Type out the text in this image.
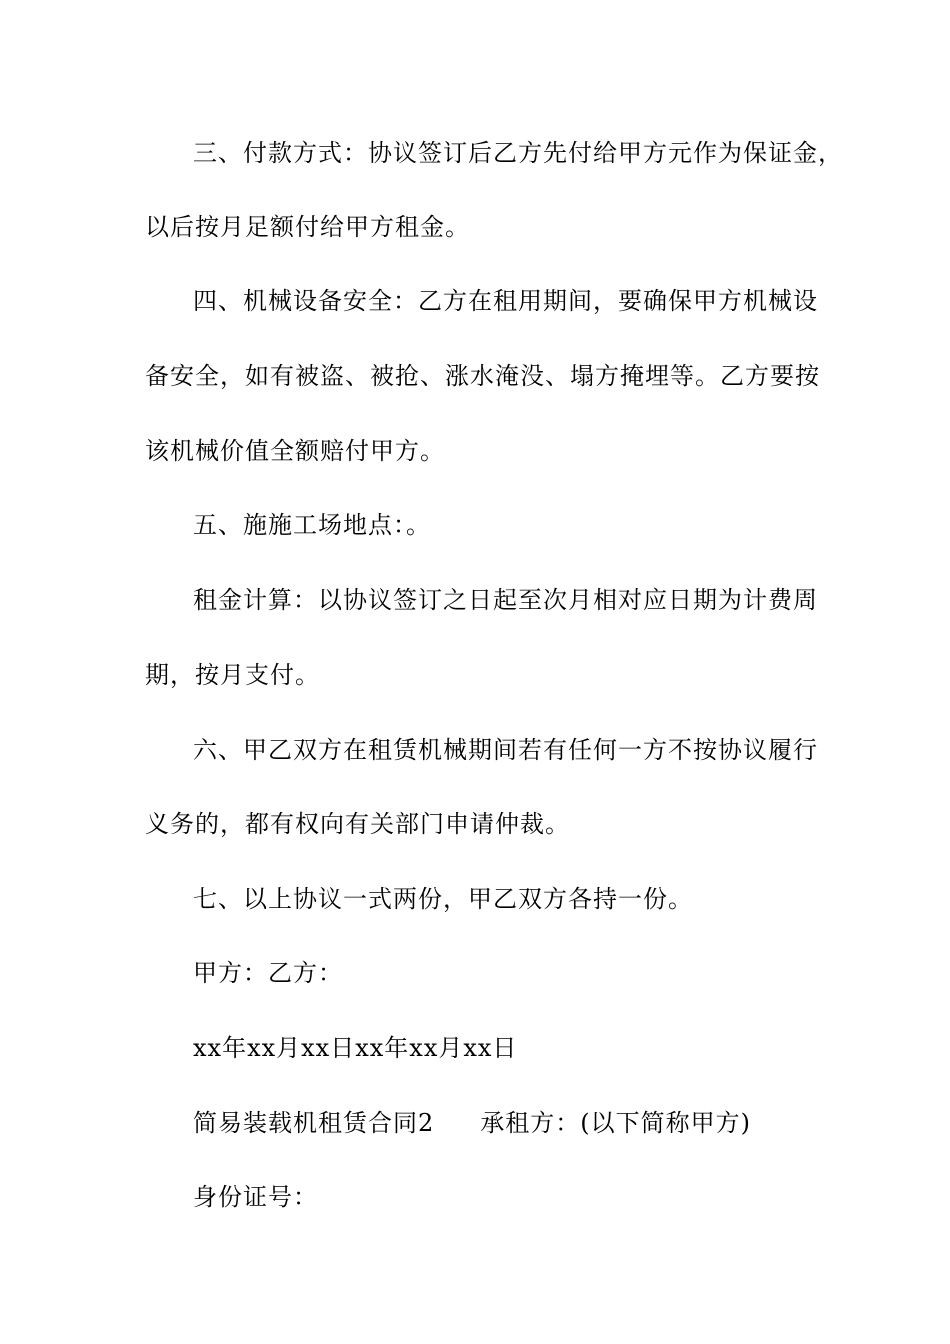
三、付款方式：协议签订后乙方先付给甲方元作为保证金，
以后按月足额付给甲方租金。
四、机械设备安全：乙方在租用期间，要确保甲方机械设
备安全，如有被盗、被抢、涨水淹没、塌方掩埋等。乙方要按
该机械价值全额赔付甲方。
五、施施工场地点：。
租金计算：以协议签订之日起至次月相对应日期为计费周
期，按月支付。
六、甲乙双方在租赁机械期间若有任何一方不按协议履行
义务的，都有权向有关部门申请仲裁。
七、以上协议一式两份，甲乙双方各持一份。
甲方：乙方：
xx年xx月xx日xx年xx月xx日
简易装载机租赁合同2 承租方：(以下简称甲方)
身份证号：
